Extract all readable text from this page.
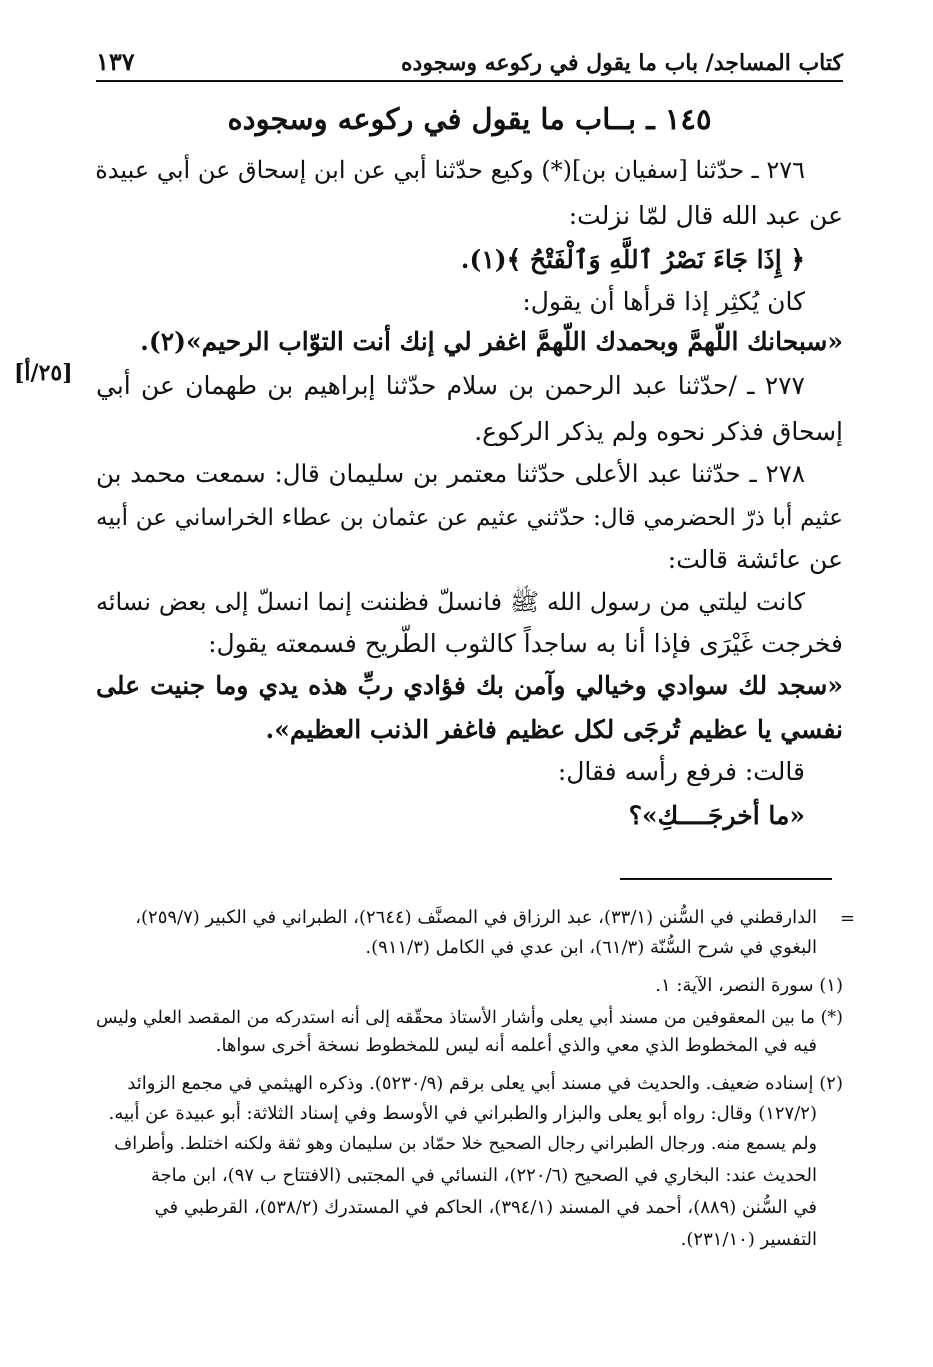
كتاب المساجد/ باب ما يقول في ركوعه وسجوده
١٣٧
١٤٥ ـ بــاب ما يقول في ركوعه وسجوده
٢٧٦ ـ حدّثنا [سفيان بن](*) وكيع حدّثنا أبي عن ابن إسحاق عن أبي عبيدة
عن عبد الله قال لمّا نزلت:
﴿ إِذَا جَاءَ نَصْرُ ٱللَّهِ وَٱلْفَتْحُ ﴾(١).
كان يُكثِر إذا قرأها أن يقول:
«سبحانك اللّهمَّ وبحمدك اللّهمَّ اغفر لي إنك أنت التوّاب الرحيم»(٢).
٢٧٧ ـ /حدّثنا عبد الرحمن بن سلام حدّثنا إبراهيم بن طهمان عن أبي
[٢٥/أ]
إسحاق فذكر نحوه ولم يذكر الركوع.
٢٧٨ ـ حدّثنا عبد الأعلى حدّثنا معتمر بن سليمان قال: سمعت محمد بن
عثيم أبا ذرّ الحضرمي قال: حدّثني عثيم عن عثمان بن عطاء الخراساني عن أبيه
عن عائشة قالت:
كانت ليلتي من رسول الله ﷺ فانسلّ فظننت إنما انسلّ إلى بعض نسائه
فخرجت غَيْرَى فإذا أنا به ساجداً كالثوب الطّريح فسمعته يقول:
«سجد لك سوادي وخيالي وآمن بك فؤادي ربِّ هذه يدي وما جنيت على
نفسي يا عظيم تُرجَى لكل عظيم فاغفر الذنب العظيم».
قالت: فرفع رأسه فقال:
«ما أخرجَــــكِ»؟
=
الدارقطني في السُّنن (٣٣/١)، عبد الرزاق في المصنَّف (٢٦٤٤)، الطبراني في الكبير (٢٥٩/٧)،
البغوي في شرح السُّنّة (٦١/٣)، ابن عدي في الكامل (٩١١/٣).
(١) سورة النصر، الآية: ١.
(*) ما بين المعقوفين من مسند أبي يعلى وأشار الأستاذ محقّقه إلى أنه استدركه من المقصد العلي وليس
فيه في المخطوط الذي معي والذي أعلمه أنه ليس للمخطوط نسخة أخرى سواها.
(٢) إسناده ضعيف. والحديث في مسند أبي يعلى برقم (٥٢٣٠/٩). وذكره الهيثمي في مجمع الزوائد
(١٢٧/٢) وقال: رواه أبو يعلى والبزار والطبراني في الأوسط وفي إسناد الثلاثة: أبو عبيدة عن أبيه.
ولم يسمع منه. ورجال الطبراني رجال الصحيح خلا حمّاد بن سليمان وهو ثقة ولكنه اختلط. وأطراف
الحديث عند: البخاري في الصحيح (٢٢٠/٦)، النسائي في المجتبى (الافتتاح ب ٩٧)، ابن ماجة
في السُّنن (٨٨٩)، أحمد في المسند (٣٩٤/١)، الحاكم في المستدرك (٥٣٨/٢)، القرطبي في
التفسير (٢٣١/١٠).
